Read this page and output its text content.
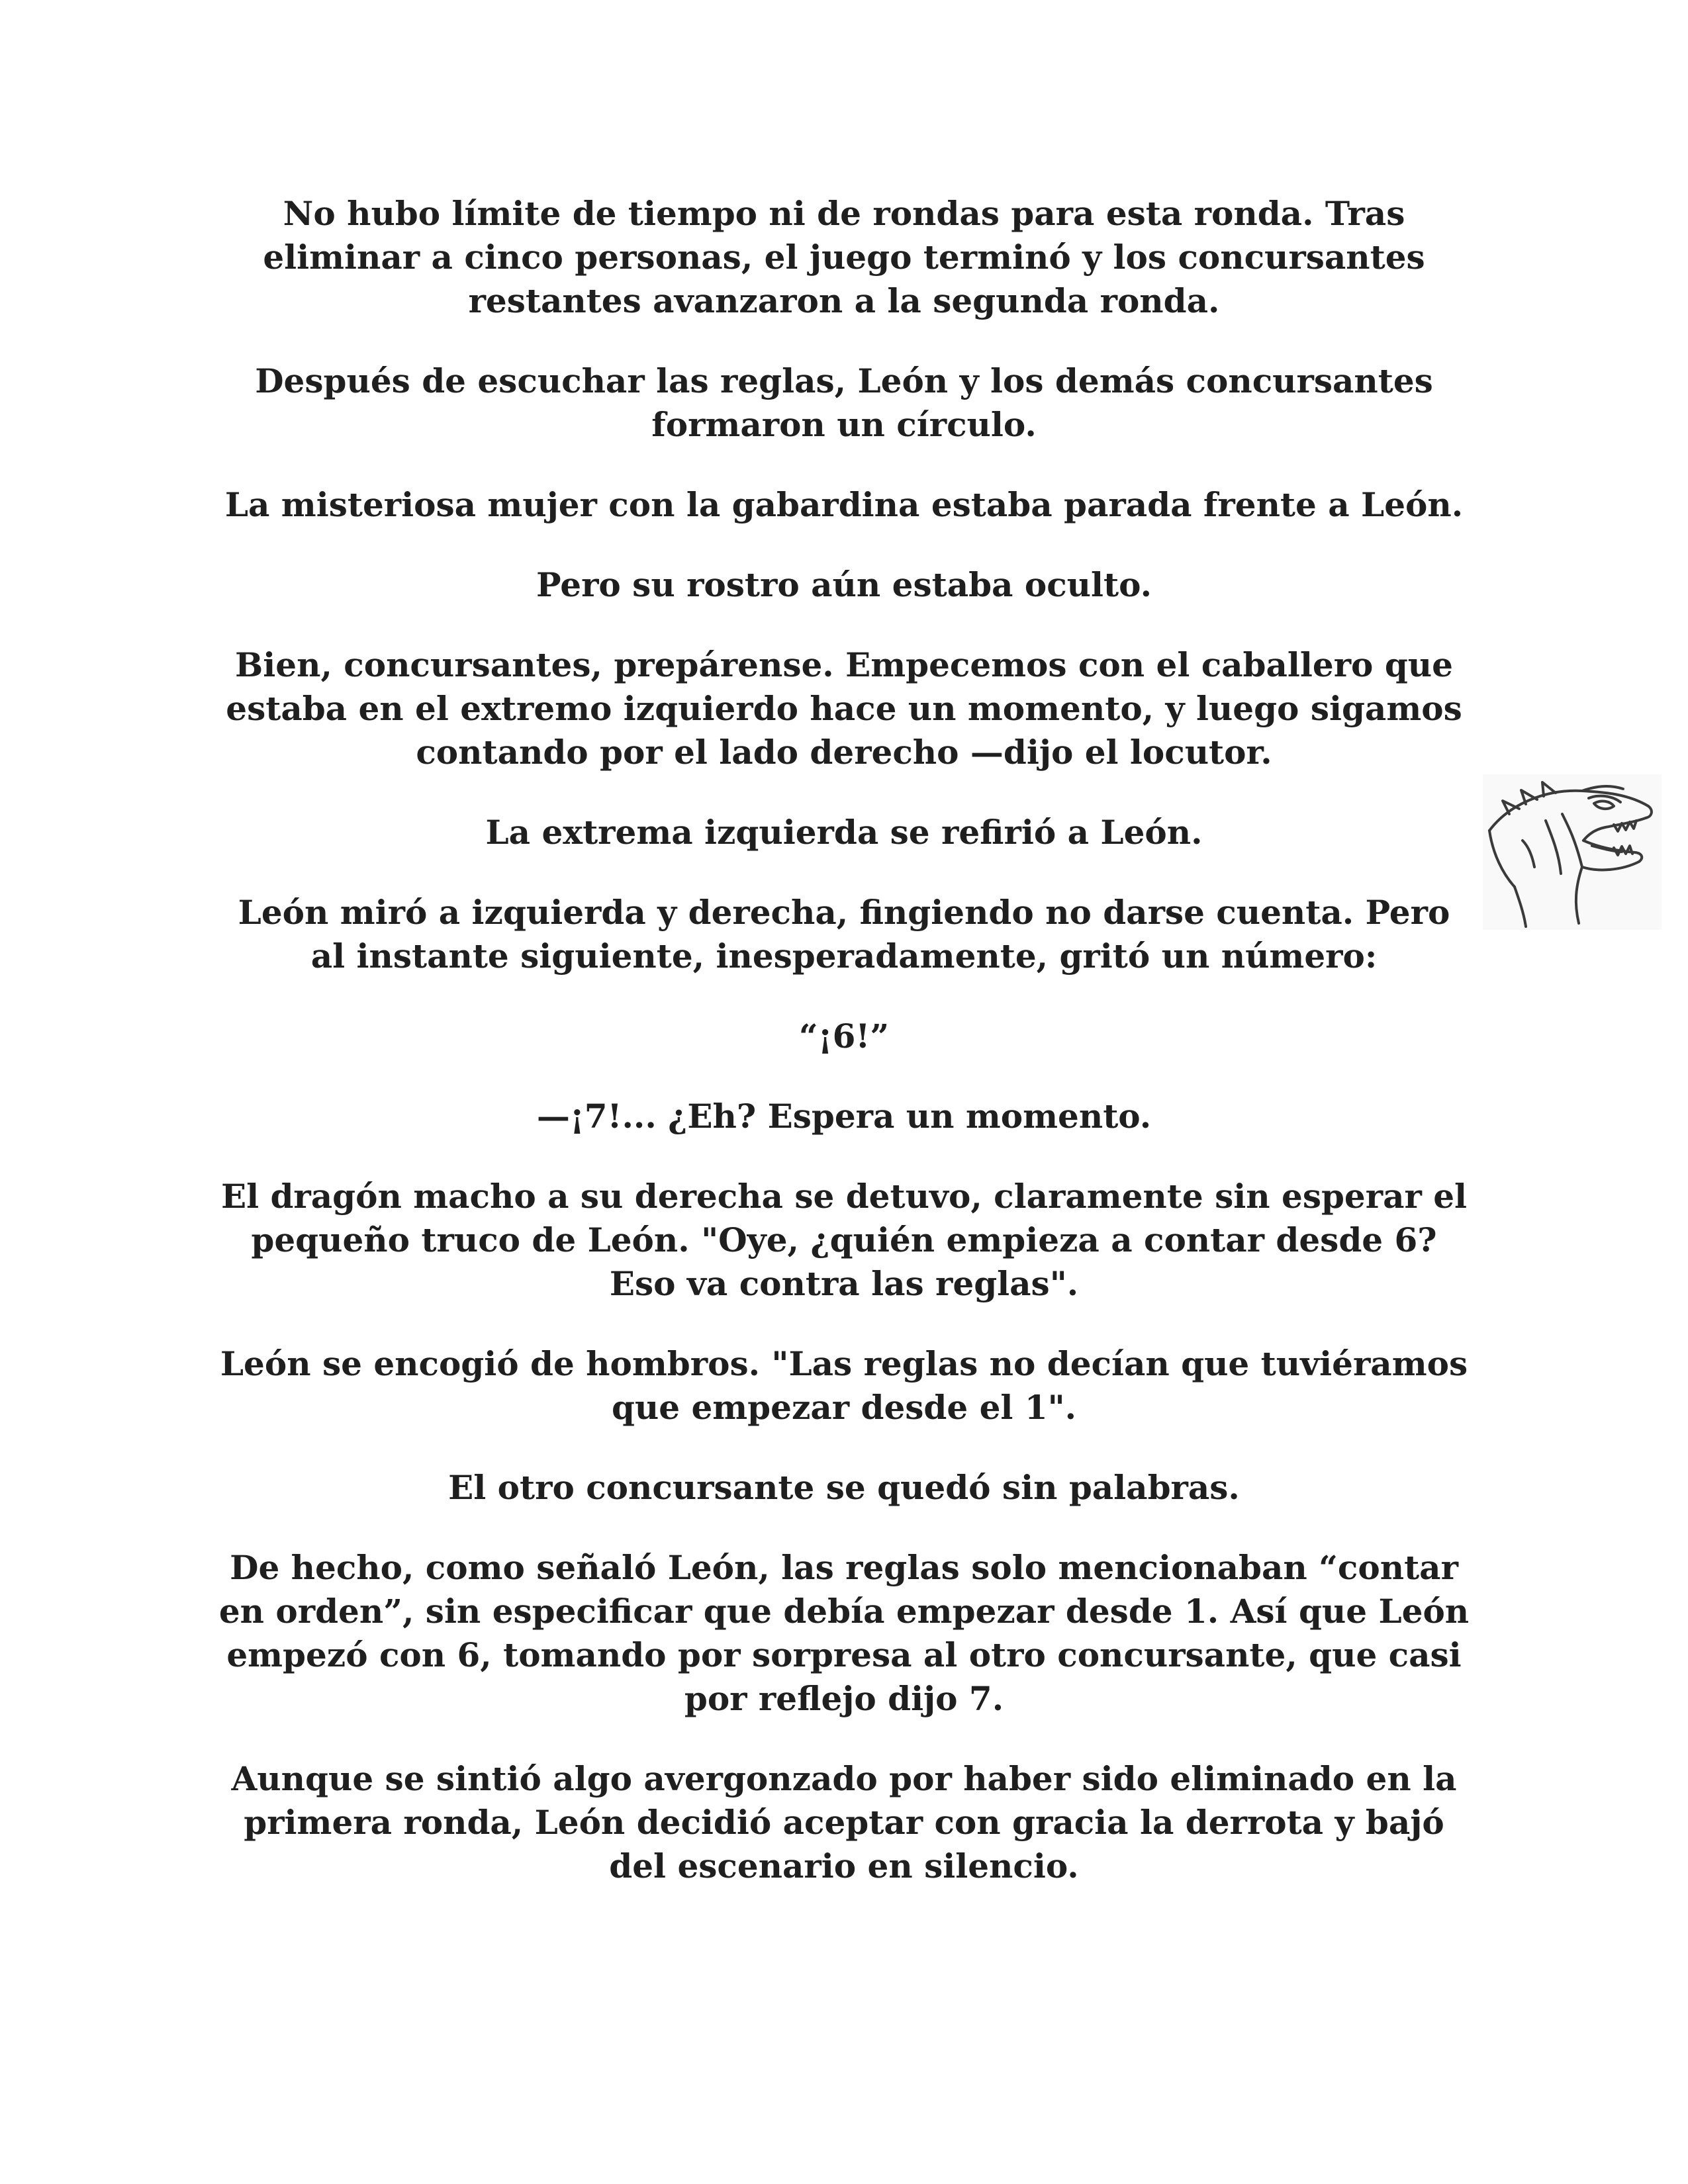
No hubo límite de tiempo ni de rondas para esta ronda. Tras eliminar a cinco personas, el juego terminó y los concursantes restantes avanzaron a la segunda ronda.

Después de escuchar las reglas, León y los demás concursantes formaron un círculo.

La misteriosa mujer con la gabardina estaba parada frente a León.

Pero su rostro aún estaba oculto.

Bien, concursantes, prepárense. Empecemos con el caballero que estaba en el extremo izquierdo hace un momento, y luego sigamos contando por el lado derecho —dijo el locutor.

La extrema izquierda se refirió a León.

León miró a izquierda y derecha, fingiendo no darse cuenta. Pero al instante siguiente, inesperadamente, gritó un número:

“¡6!”

—¡7!... ¿Eh? Espera un momento.

El dragón macho a su derecha se detuvo, claramente sin esperar el pequeño truco de León. "Oye, ¿quién empieza a contar desde 6? Eso va contra las reglas".

León se encogió de hombros. "Las reglas no decían que tuviéramos que empezar desde el 1".

El otro concursante se quedó sin palabras.

De hecho, como señaló León, las reglas solo mencionaban “contar en orden”, sin especificar que debía empezar desde 1. Así que León empezó con 6, tomando por sorpresa al otro concursante, que casi por reflejo dijo 7.

Aunque se sintió algo avergonzado por haber sido eliminado en la primera ronda, León decidió aceptar con gracia la derrota y bajó del escenario en silencio.
